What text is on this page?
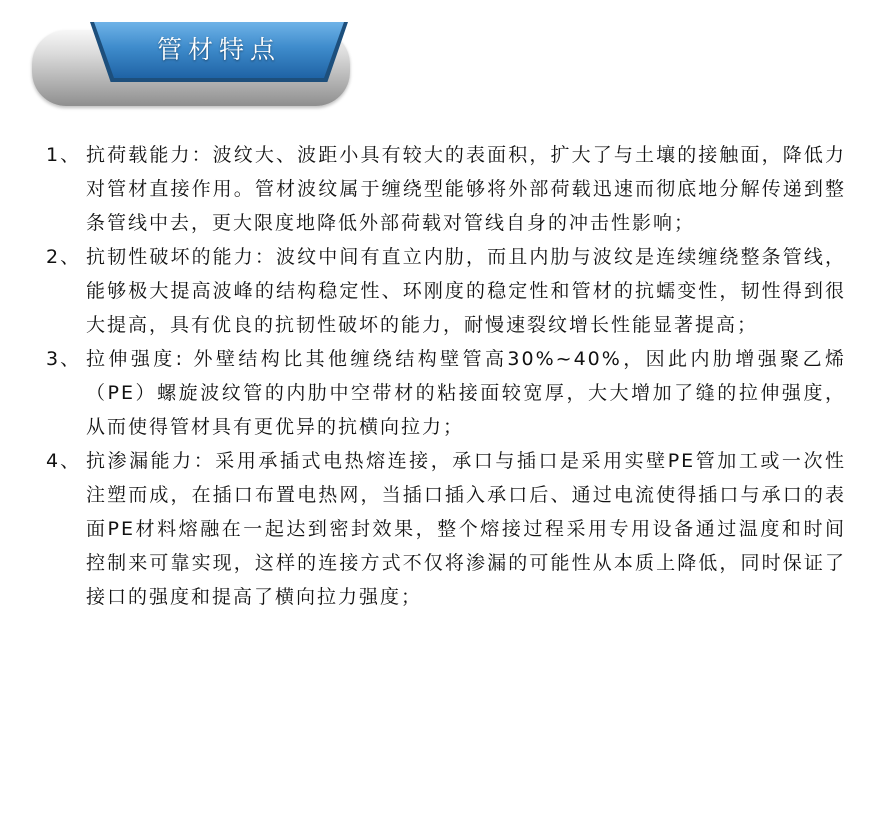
管材特点
1、 抗荷载能力：波纹大、波距小具有较大的表面积，扩大了与土壤的接触面，降低力对管材直接作用。管材波纹属于缠绕型能够将外部荷载迅速而彻底地分解传递到整条管线中去，更大限度地降低外部荷载对管线自身的冲击性影响；
2、 抗韧性破坏的能力：波纹中间有直立内肋，而且内肋与波纹是连续缠绕整条管线，能够极大提高波峰的结构稳定性、环刚度的稳定性和管材的抗蠕变性，韧性得到很大提高，具有优良的抗韧性破坏的能力，耐慢速裂纹增长性能显著提高；
3、 拉伸强度: 外壁结构比其他缠绕结构壁管高30%~40%，因此内肋增强聚乙烯（PE）螺旋波纹管的内肋中空带材的粘接面较宽厚，大大增加了缝的拉伸强度，从而使得管材具有更优异的抗横向拉力；
4、 抗渗漏能力：采用承插式电热熔连接，承口与插口是采用实壁PE管加工或一次性注塑而成，在插口布置电热网，当插口插入承口后、通过电流使得插口与承口的表面PE材料熔融在一起达到密封效果，整个熔接过程采用专用设备通过温度和时间控制来可靠实现，这样的连接方式不仅将渗漏的可能性从本质上降低，同时保证了接口的强度和提高了横向拉力强度；
